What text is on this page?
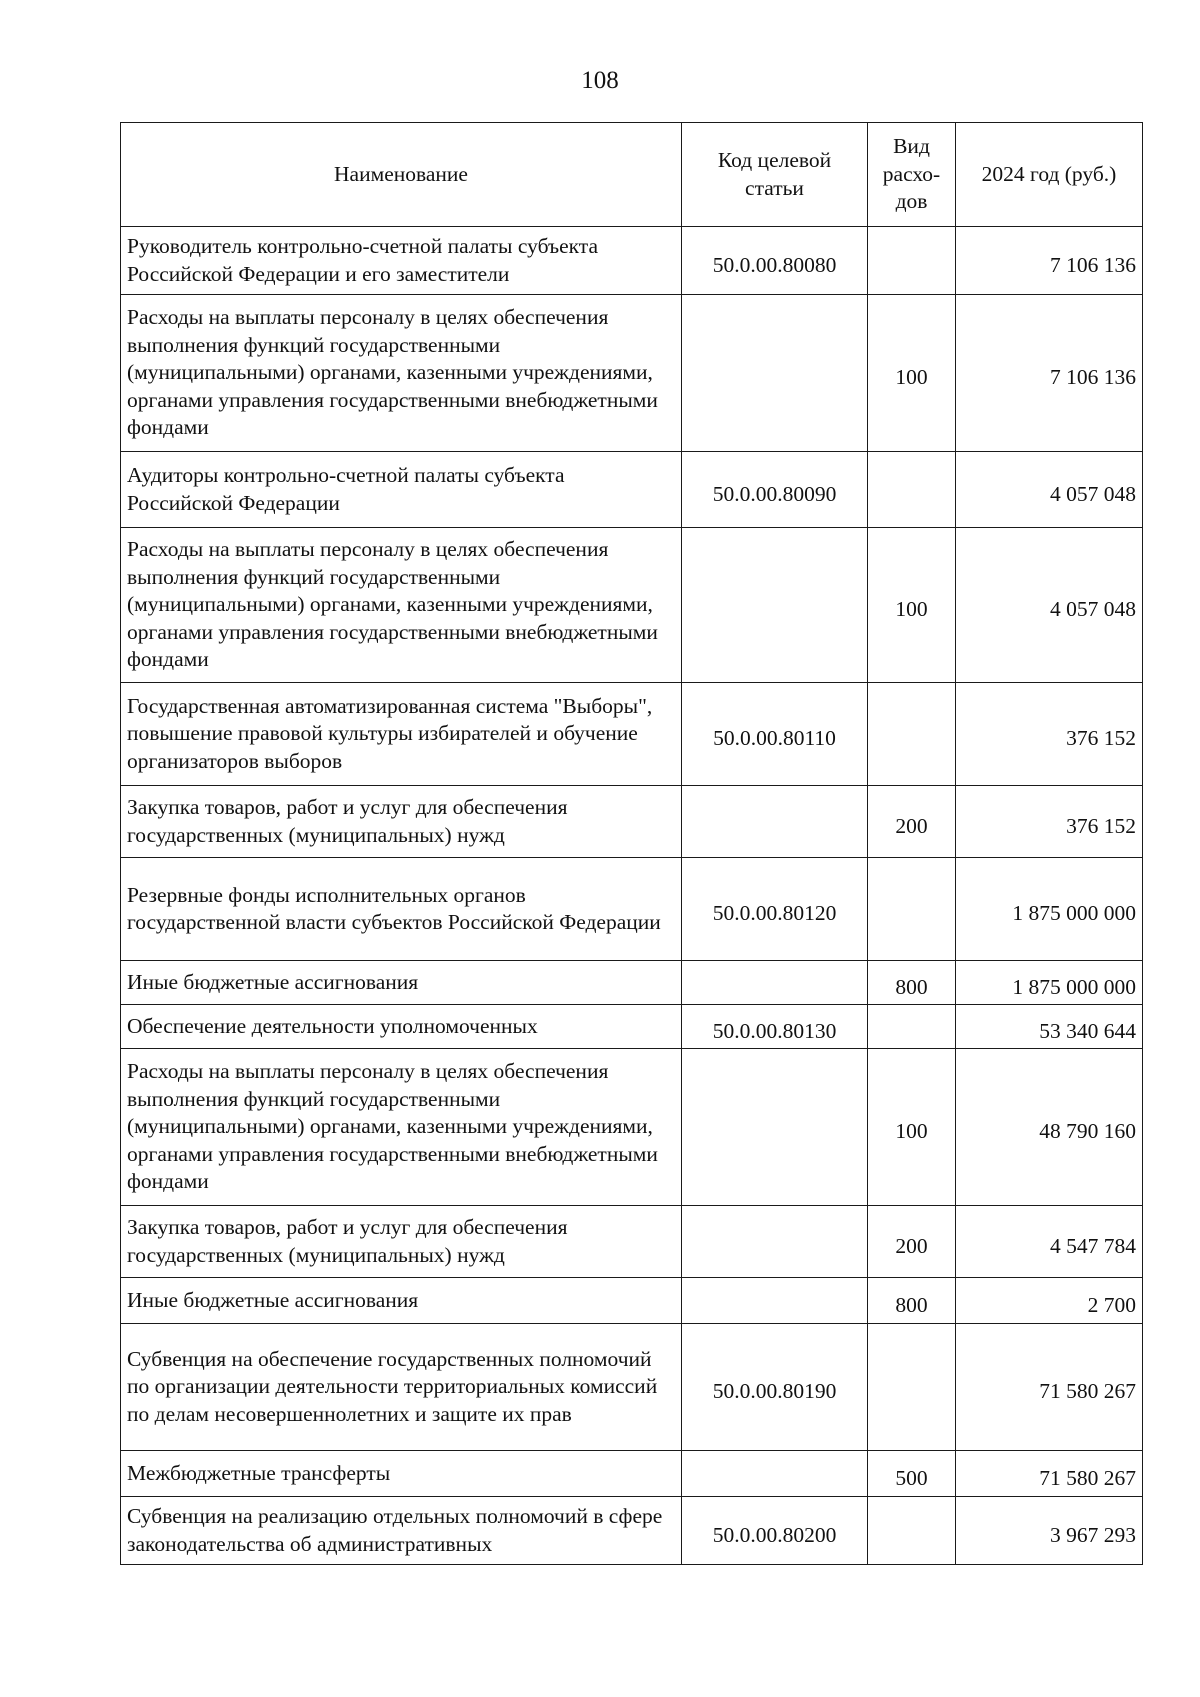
108
Наименование	Код целевой статьи	Вид расхо-дов	2024 год (руб.)
Руководитель контрольно-счетной палаты субъекта Российской Федерации и его заместители	50.0.00.80080		7 106 136
Расходы на выплаты персоналу в целях обеспечения выполнения функций государственными (муниципальными) органами, казенными учреждениями, органами управления государственными внебюджетными фондами		100	7 106 136
Аудиторы контрольно-счетной палаты субъекта Российской Федерации	50.0.00.80090		4 057 048
Расходы на выплаты персоналу в целях обеспечения выполнения функций государственными (муниципальными) органами, казенными учреждениями, органами управления государственными внебюджетными фондами		100	4 057 048
Государственная автоматизированная система "Выборы", повышение правовой культуры избирателей и обучение организаторов выборов	50.0.00.80110		376 152
Закупка товаров, работ и услуг для обеспечения государственных (муниципальных) нужд		200	376 152
Резервные фонды исполнительных органов государственной власти субъектов Российской Федерации	50.0.00.80120		1 875 000 000
Иные бюджетные ассигнования		800	1 875 000 000
Обеспечение деятельности уполномоченных	50.0.00.80130		53 340 644
Расходы на выплаты персоналу в целях обеспечения выполнения функций государственными (муниципальными) органами, казенными учреждениями, органами управления государственными внебюджетными фондами		100	48 790 160
Закупка товаров, работ и услуг для обеспечения государственных (муниципальных) нужд		200	4 547 784
Иные бюджетные ассигнования		800	2 700
Субвенция на обеспечение государственных полномочий по организации деятельности территориальных комиссий по делам несовершеннолетних и защите их прав	50.0.00.80190		71 580 267
Межбюджетные трансферты		500	71 580 267
Субвенция на реализацию отдельных полномочий в сфере законодательства об административных	50.0.00.80200		3 967 293
